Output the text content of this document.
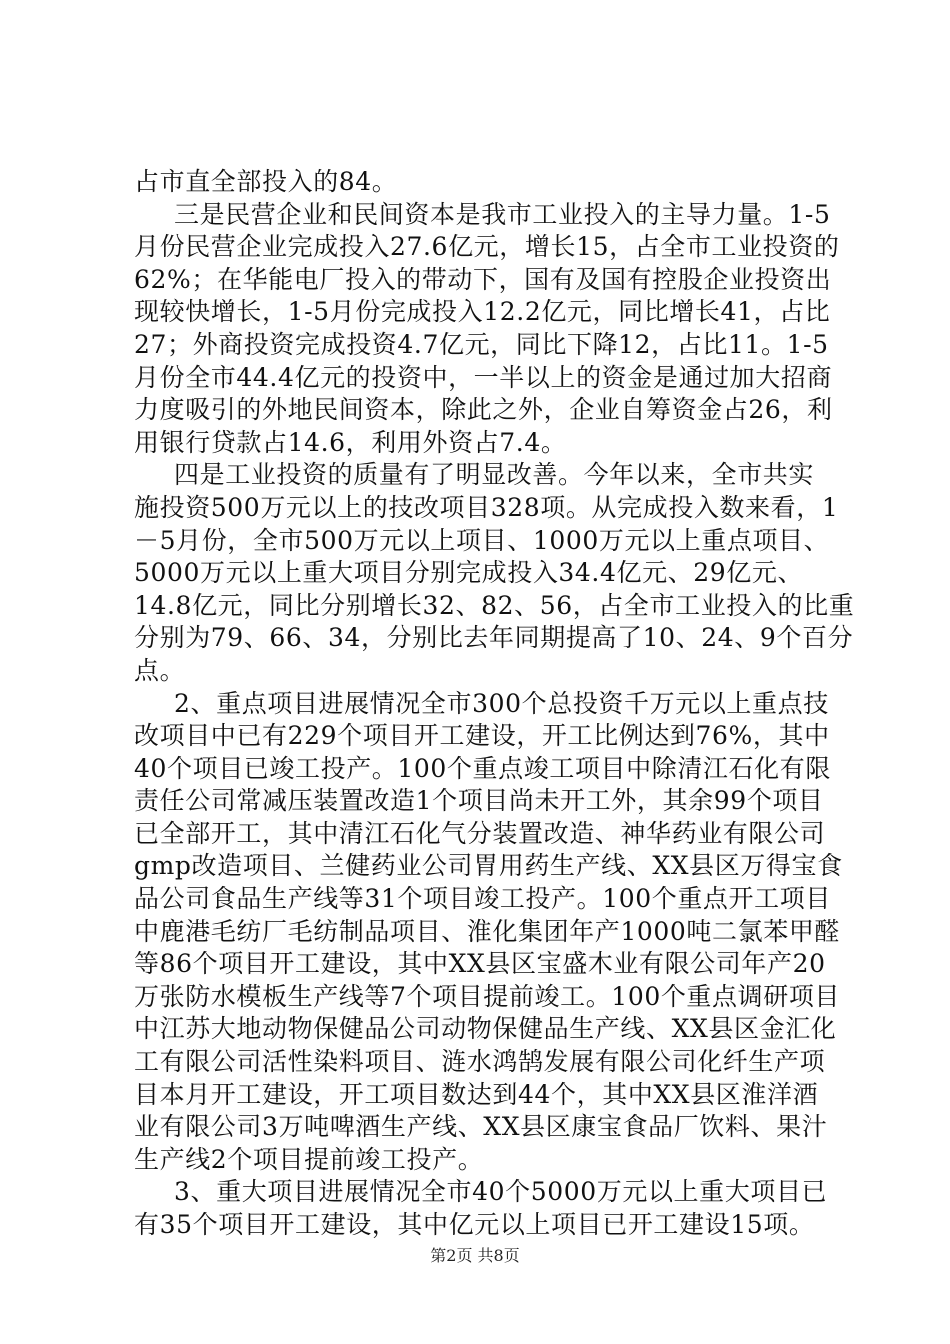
占市直全部投入的84。
三是民营企业和民间资本是我市工业投入的主导力量。1-5
月份民营企业完成投入27.6亿元，增长15，占全市工业投资的
62%；在华能电厂投入的带动下，国有及国有控股企业投资出
现较快增长，1-5月份完成投入12.2亿元，同比增长41，占比
27；外商投资完成投资4.7亿元，同比下降12，占比11。1-5
月份全市44.4亿元的投资中，一半以上的资金是通过加大招商
力度吸引的外地民间资本，除此之外，企业自筹资金占26，利
用银行贷款占14.6，利用外资占7.4。
四是工业投资的质量有了明显改善。今年以来，全市共实
施投资500万元以上的技改项目328项。从完成投入数来看，1
－5月份，全市500万元以上项目、1000万元以上重点项目、
5000万元以上重大项目分别完成投入34.4亿元、29亿元、
14.8亿元，同比分别增长32、82、56，占全市工业投入的比重
分别为79、66、34，分别比去年同期提高了10、24、9个百分
点。
2、重点项目进展情况全市300个总投资千万元以上重点技
改项目中已有229个项目开工建设，开工比例达到76%，其中
40个项目已竣工投产。100个重点竣工项目中除清江石化有限
责任公司常减压装置改造1个项目尚未开工外，其余99个项目
已全部开工，其中清江石化气分装置改造、神华药业有限公司
gmp改造项目、兰健药业公司胃用药生产线、XX县区万得宝食
品公司食品生产线等31个项目竣工投产。100个重点开工项目
中鹿港毛纺厂毛纺制品项目、淮化集团年产1000吨二氯苯甲醛
等86个项目开工建设，其中XX县区宝盛木业有限公司年产20
万张防水模板生产线等7个项目提前竣工。100个重点调研项目
中江苏大地动物保健品公司动物保健品生产线、XX县区金汇化
工有限公司活性染料项目、涟水鸿鹄发展有限公司化纤生产项
目本月开工建设，开工项目数达到44个，其中XX县区淮洋酒
业有限公司3万吨啤酒生产线、XX县区康宝食品厂饮料、果汁
生产线2个项目提前竣工投产。
3、重大项目进展情况全市40个5000万元以上重大项目已
有35个项目开工建设，其中亿元以上项目已开工建设15项。
第2页 共8页
